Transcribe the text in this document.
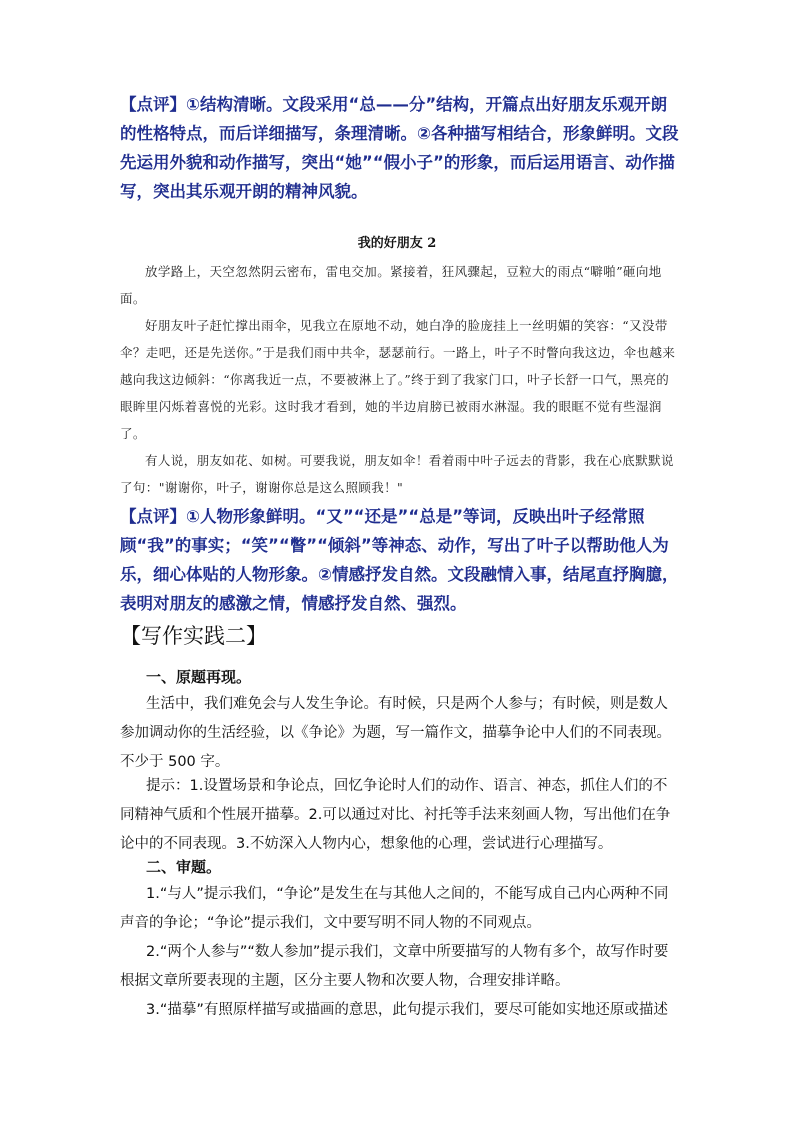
【点评】①结构清晰。文段采用“总——分”结构，开篇点出好朋友乐观开朗的性格特点，而后详细描写，条理清晰。②各种描写相结合，形象鲜明。文段先运用外貌和动作描写，突出“她”“假小子”的形象，而后运用语言、动作描写，突出其乐观开朗的精神风貌。

我的好朋友 2

放学路上，天空忽然阴云密布，雷电交加。紧接着，狂风骤起，豆粒大的雨点“噼啪”砸向地面。

好朋友叶子赶忙撑出雨伞，见我立在原地不动，她白净的脸庞挂上一丝明媚的笑容：“又没带伞？走吧，还是先送你。”于是我们雨中共伞，瑟瑟前行。一路上，叶子不时瞥向我这边，伞也越来越向我这边倾斜：“你离我近一点，不要被淋上了。”终于到了我家门口，叶子长舒一口气，黑亮的眼眸里闪烁着喜悦的光彩。这时我才看到，她的半边肩膀已被雨水淋湿。我的眼眶不觉有些湿润了。

有人说，朋友如花、如树。可要我说，朋友如伞！看着雨中叶子远去的背影，我在心底默默说了句："谢谢你，叶子，谢谢你总是这么照顾我！"

【点评】①人物形象鲜明。“又”“还是”“总是”等词，反映出叶子经常照顾“我”的事实；“笑”“瞥”“倾斜”等神态、动作，写出了叶子以帮助他人为乐，细心体贴的人物形象。②情感抒发自然。文段融情入事，结尾直抒胸臆，表明对朋友的感激之情，情感抒发自然、强烈。

【写作实践二】

一、原题再现。

生活中，我们难免会与人发生争论。有时候，只是两个人参与；有时候，则是数人参加调动你的生活经验，以《争论》为题，写一篇作文，描摹争论中人们的不同表现。不少于 500 字。

提示：1.设置场景和争论点，回忆争论时人们的动作、语言、神态，抓住人们的不同精神气质和个性展开描摹。2.可以通过对比、衬托等手法来刻画人物，写出他们在争论中的不同表现。3.不妨深入人物内心，想象他的心理，尝试进行心理描写。

二、审题。

1.“与人”提示我们，“争论”是发生在与其他人之间的，不能写成自己内心两种不同声音的争论；“争论”提示我们，文中要写明不同人物的不同观点。

2.“两个人参与”“数人参加”提示我们，文章中所要描写的人物有多个，故写作时要根据文章所要表现的主题，区分主要人物和次要人物，合理安排详略。

3.“描摹”有照原样描写或描画的意思，此句提示我们，要尽可能如实地还原或描述
